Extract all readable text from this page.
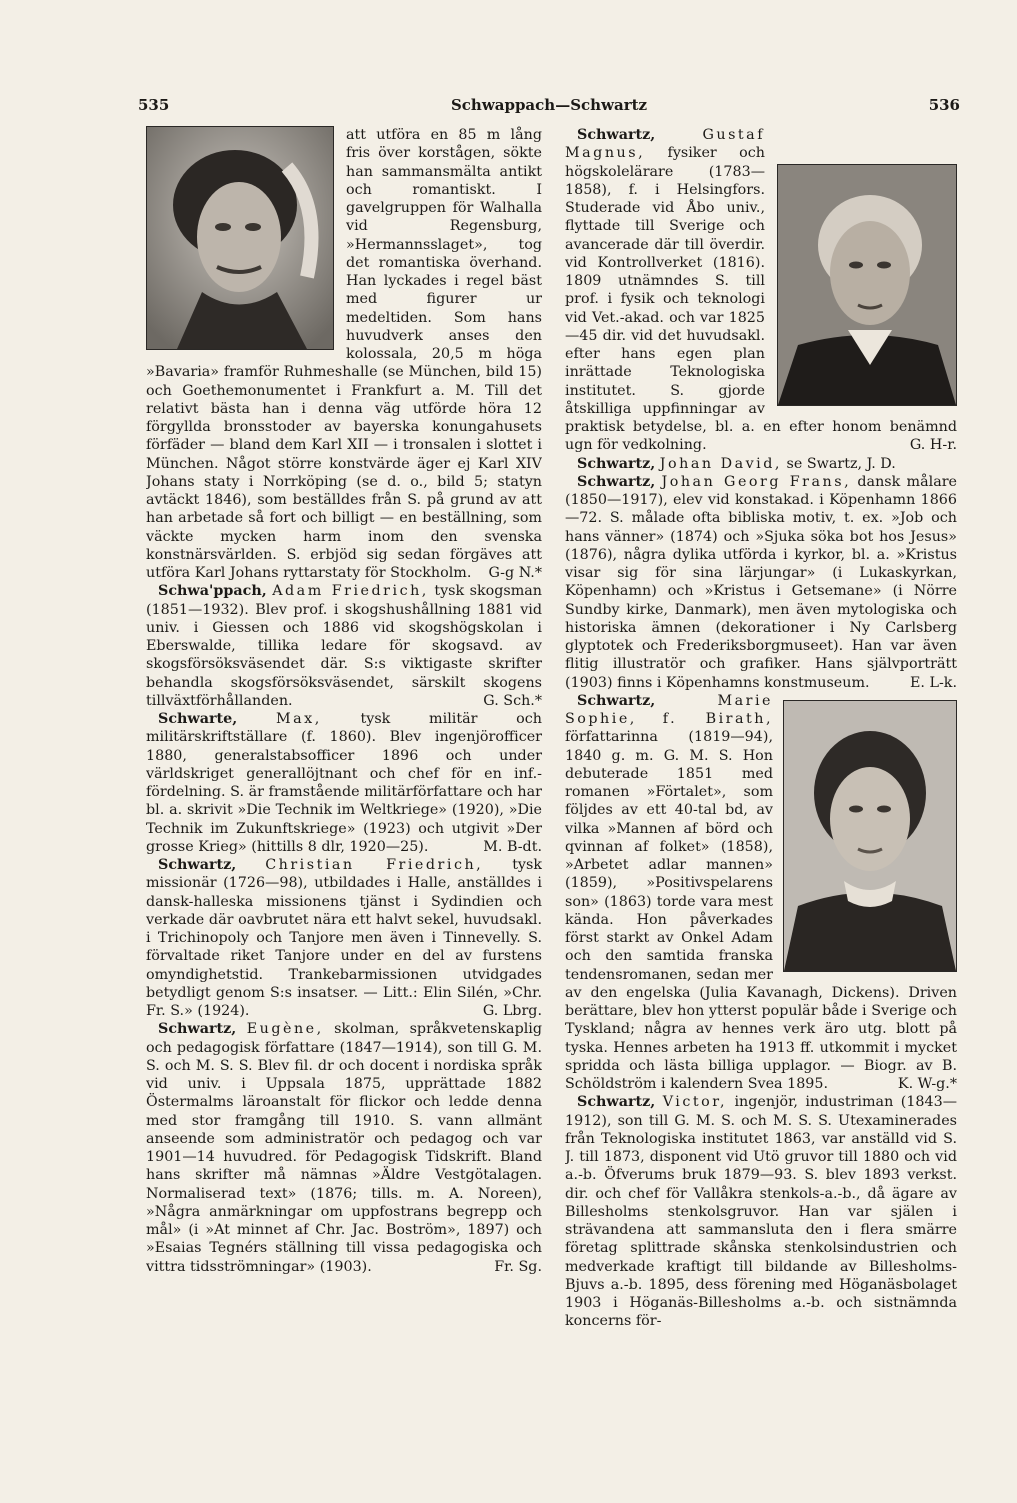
535	Schwappach—Schwartz	536

att utföra en 85 m lång fris över korstågen, sökte han sammansmälta antikt och romantiskt. I gavelgruppen för Walhalla vid Regensburg, »Hermannsslaget», tog det romantiska överhand. Han lyckades i regel bäst med figurer ur medeltiden. Som hans huvudverk anses den kolossala, 20,5 m höga »Bavaria» framför Ruhmeshalle (se München, bild 15) och Goethemonumentet i Frankfurt a. M. Till det relativt bästa han i denna väg utförde höra 12 förgyllda bronsstoder av bayerska konungahusets förfäder — bland dem Karl XII — i tronsalen i slottet i München. Något större konstvärde äger ej Karl XIV Johans staty i Norrköping (se d. o., bild 5; statyn avtäckt 1846), som beställdes från S. på grund av att han arbetade så fort och billigt — en beställning, som väckte mycken harm inom den svenska konstnärsvärlden. S. erbjöd sig sedan förgäves att utföra Karl Johans ryttarstaty för Stockholm. G-g N.*

Schwa'ppach, Adam Friedrich, tysk skogsman (1851—1932). Blev prof. i skogshushållning 1881 vid univ. i Giessen och 1886 vid skogshögskolan i Eberswalde, tillika ledare för skogsavd. av skogsförsöksväsendet där. S:s viktigaste skrifter behandla skogsförsöksväsendet, särskilt skogens tillväxtförhållanden.	G. Sch.*

Schwarte,	Max,	tysk militär och militärskriftställare (f. 1860). Blev ingenjörofficer 1880, generalstabsofficer 1896 och under världskriget generallöjtnant och chef för en inf.-fördelning. S. är framstående militärförfattare och har bl. a. skrivit »Die Technik im Weltkriege» (1920), »Die Technik im Zukunftskriege» (1923) och utgivit »Der grosse Krieg» (hittills 8 dlr, 1920—25).	M. B-dt.

Schwartz, Christian Friedrich, tysk missionär (1726—98), utbildades i Halle, anställdes i dansk-halleska missionens tjänst i Sydindien och verkade där oavbrutet nära ett halvt sekel, huvudsakl. i Trichinopoly och Tanjore men även i Tinnevelly. S. förvaltade riket Tanjore under en del av furstens omyndighetstid. Trankebarmissionen utvidgades betydligt genom S:s insatser. — Litt.: Elin Silén, »Chr. Fr. S.» (1924).	G. Lbrg.

Schwartz, Eugène, skolman, språkvetenskaplig och pedagogisk författare (1847—1914), son till G. M. S. och M. S. S. Blev fil. dr och docent i nordiska språk vid univ. i Uppsala 1875, upprättade 1882 Östermalms läroanstalt för flickor och ledde denna med stor framgång till 1910. S. vann allmänt anseende som administratör och pedagog och var 1901—14 huvudred. för Pedagogisk Tidskrift. Bland hans skrifter må nämnas »Äldre Vestgötalagen. Normaliserad text» (1876; tills. m. A. Noreen), »Några anmärkningar om uppfostrans begrepp och mål» (i »At minnet af Chr. Jac. Boström», 1897) och »Esaias Tegnérs ställning till vissa pedagogiska och vittra tidsströmningar» (1903).	Fr. Sg.

Schwartz,	Gustaf Magnus, fysiker och högskolelärare (1783—1858), f. i Helsingfors. Studerade vid Åbo univ., flyttade till Sverige och avancerade där till överdir. vid Kontrollverket (1816). 1809 utnämndes S. till prof. i fysik och teknologi vid Vet.-akad. och var 1825—45 dir. vid det huvudsakl. efter hans egen plan inrättade Teknologiska institutet. S. gjorde åtskilliga uppfinningar av praktisk betydelse, bl. a. en efter honom benämnd ugn för vedkolning.	G. H-r.

Schwartz, Johan David, se Swartz, J. D.

Schwartz, Johan Georg Frans, dansk målare (1850—1917), elev vid konstakad. i Köpenhamn 1866—72. S. målade ofta bibliska motiv, t. ex. »Job och hans vänner» (1874) och »Sjuka söka bot hos Jesus» (1876), några dylika utförda i kyrkor, bl. a. »Kristus visar sig för sina lärjungar» (i Lukaskyrkan, Köpenhamn) och »Kristus i Getsemane» (i Nörre Sundby kirke, Danmark), men även mytologiska och historiska ämnen (dekorationer i Ny Carlsberg glyptotek och Frederiksborgmuseet). Han var även flitig illustratör och grafiker. Hans självporträtt (1903) finns i Köpenhamns konstmuseum.	E. L-k.

Schwartz,	Marie Sophie, f. Birath, författarinna (1819—94), 1840 g. m. G. M. S. Hon debuterade 1851 med romanen »Förtalet», som följdes av ett 40-tal bd, av vilka »Mannen af börd och qvinnan af folket» (1858), »Arbetet adlar mannen» (1859), »Positivspelarens son» (1863) torde vara mest kända. Hon påverkades först starkt av Onkel Adam och den samtida franska tendensromanen, sedan mer av den engelska (Julia Kavanagh, Dickens). Driven berättare, blev hon ytterst populär både i Sverige och Tyskland; några av hennes verk äro utg. blott på tyska. Hennes arbeten ha 1913 ff. utkommit i mycket spridda och lästa billiga upplagor. — Biogr. av B. Schöldström i kalendern Svea 1895.	K. W-g.*

Schwartz, Victor, ingenjör, industriman (1843—1912), son till G. M. S. och M. S. S. Utexaminerades från Teknologiska institutet 1863, var anställd vid S. J. till 1873, disponent vid Utö gruvor till 1880 och vid a.-b. Öfverums bruk 1879—93. S. blev 1893 verkst. dir. och chef för Vallåkra stenkols-a.-b., då ägare av Billesholms stenkolsgruvor. Han var själen i strävandena att sammansluta den i flera smärre företag splittrade skånska stenkolsindustrien och medverkade kraftigt till bildande av Billesholms-Bjuvs a.-b. 1895, dess förening med Höganäsbolaget 1903 i Höganäs-Billesholms a.-b. och sistnämnda koncerns för-
